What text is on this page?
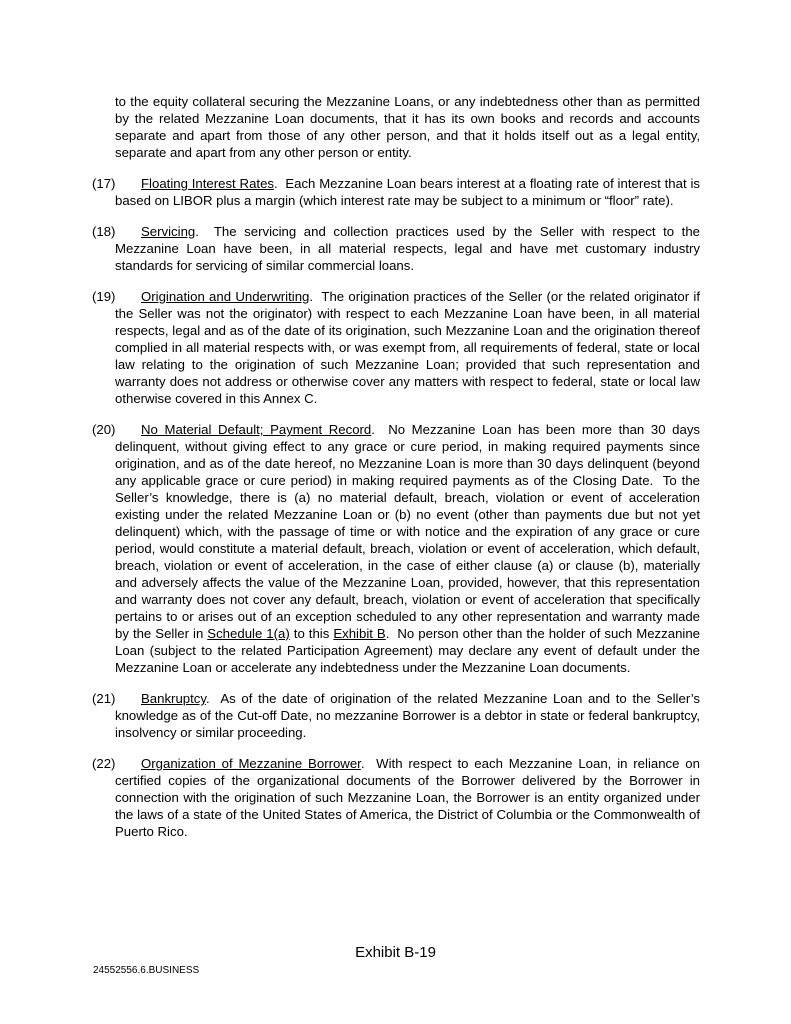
to the equity collateral securing the Mezzanine Loans, or any indebtedness other than as permitted by the related Mezzanine Loan documents, that it has its own books and records and accounts separate and apart from those of any other person, and that it holds itself out as a legal entity, separate and apart from any other person or entity.

(17) Floating Interest Rates.  Each Mezzanine Loan bears interest at a floating rate of interest that is based on LIBOR plus a margin (which interest rate may be subject to a minimum or “floor” rate).

(18) Servicing.  The servicing and collection practices used by the Seller with respect to the Mezzanine Loan have been, in all material respects, legal and have met customary industry standards for servicing of similar commercial loans.

(19) Origination and Underwriting.  The origination practices of the Seller (or the related originator if the Seller was not the originator) with respect to each Mezzanine Loan have been, in all material respects, legal and as of the date of its origination, such Mezzanine Loan and the origination thereof complied in all material respects with, or was exempt from, all requirements of federal, state or local law relating to the origination of such Mezzanine Loan; provided that such representation and warranty does not address or otherwise cover any matters with respect to federal, state or local law otherwise covered in this Annex C.

(20) No Material Default; Payment Record.  No Mezzanine Loan has been more than 30 days delinquent, without giving effect to any grace or cure period, in making required payments since origination, and as of the date hereof, no Mezzanine Loan is more than 30 days delinquent (beyond any applicable grace or cure period) in making required payments as of the Closing Date.  To the Seller’s knowledge, there is (a) no material default, breach, violation or event of acceleration existing under the related Mezzanine Loan or (b) no event (other than payments due but not yet delinquent) which, with the passage of time or with notice and the expiration of any grace or cure period, would constitute a material default, breach, violation or event of acceleration, which default, breach, violation or event of acceleration, in the case of either clause (a) or clause (b), materially and adversely affects the value of the Mezzanine Loan, provided, however, that this representation and warranty does not cover any default, breach, violation or event of acceleration that specifically pertains to or arises out of an exception scheduled to any other representation and warranty made by the Seller in Schedule 1(a) to this Exhibit B.  No person other than the holder of such Mezzanine Loan (subject to the related Participation Agreement) may declare any event of default under the Mezzanine Loan or accelerate any indebtedness under the Mezzanine Loan documents.

(21) Bankruptcy.  As of the date of origination of the related Mezzanine Loan and to the Seller’s knowledge as of the Cut-off Date, no mezzanine Borrower is a debtor in state or federal bankruptcy, insolvency or similar proceeding.

(22) Organization of Mezzanine Borrower.  With respect to each Mezzanine Loan, in reliance on certified copies of the organizational documents of the Borrower delivered by the Borrower in connection with the origination of such Mezzanine Loan, the Borrower is an entity organized under the laws of a state of the United States of America, the District of Columbia or the Commonwealth of Puerto Rico.

Exhibit B-19
24552556.6.BUSINESS
